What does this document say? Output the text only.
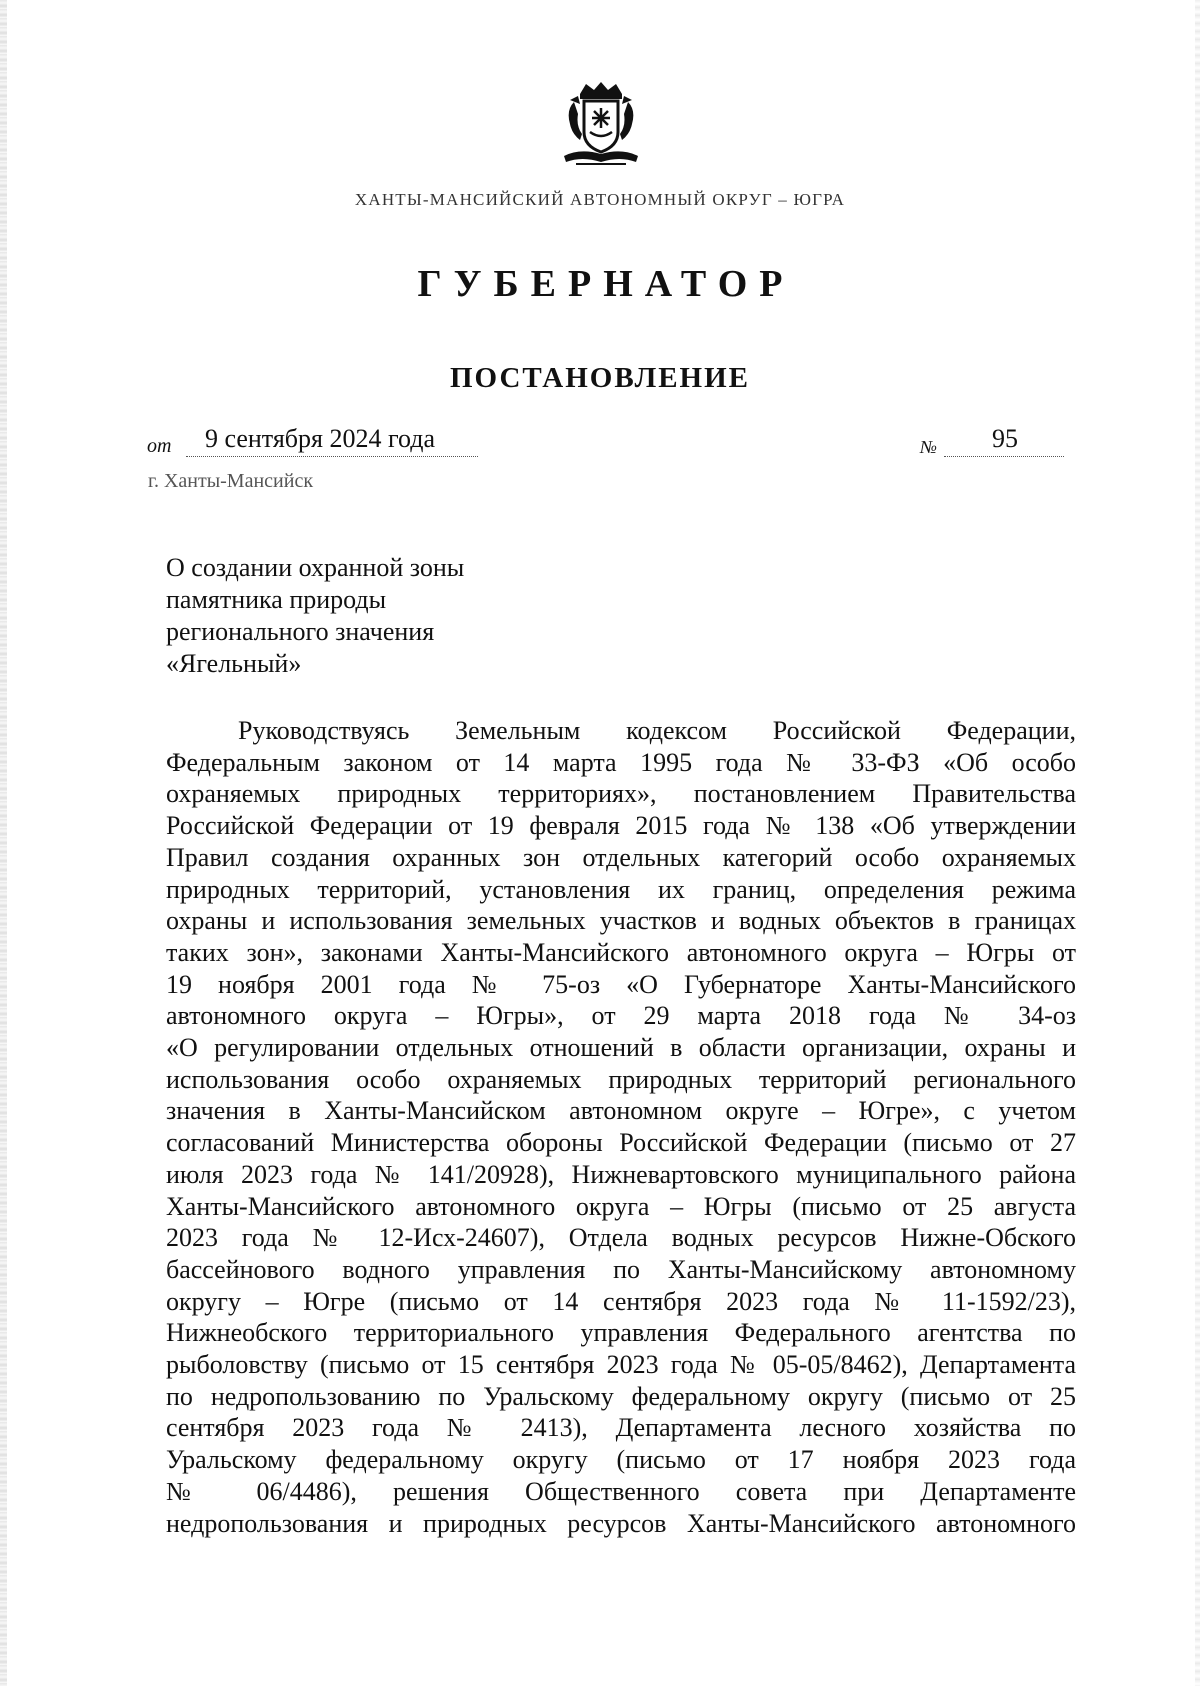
ХАНТЫ-МАНСИЙСКИЙ АВТОНОМНЫЙ ОКРУГ – ЮГРА
ГУБЕРНАТОР
ПОСТАНОВЛЕНИЕ
от 9 сентября 2024 года	№ 95
г. Ханты-Мансийск
О создании охранной зоны
памятника природы
регионального значения
«Ягельный»
Руководствуясь Земельным кодексом Российской Федерации,
Федеральным законом от 14 марта 1995 года № 33-ФЗ «Об особо
охраняемых природных территориях», постановлением Правительства
Российской Федерации от 19 февраля 2015 года № 138 «Об утверждении
Правил создания охранных зон отдельных категорий особо охраняемых
природных территорий, установления их границ, определения режима
охраны и использования земельных участков и водных объектов в границах
таких зон», законами Ханты-Мансийского автономного округа – Югры от
19 ноября 2001 года № 75-оз «О Губернаторе Ханты-Мансийского
автономного округа – Югры», от 29 марта 2018 года № 34-оз
«О регулировании отдельных отношений в области организации, охраны и
использования особо охраняемых природных территорий регионального
значения в Ханты-Мансийском автономном округе – Югре», с учетом
согласований Министерства обороны Российской Федерации (письмо от 27
июля 2023 года № 141/20928), Нижневартовского муниципального района
Ханты-Мансийского автономного округа – Югры (письмо от 25 августа
2023 года № 12-Исх-24607), Отдела водных ресурсов Нижне-Обского
бассейнового водного управления по Ханты-Мансийскому автономному
округу – Югре (письмо от 14 сентября 2023 года № 11-1592/23),
Нижнеобского территориального управления Федерального агентства по
рыболовству (письмо от 15 сентября 2023 года № 05-05/8462), Департамента
по недропользованию по Уральскому федеральному округу (письмо от 25
сентября 2023 года № 2413), Департамента лесного хозяйства по
Уральскому федеральному округу (письмо от 17 ноября 2023 года
№ 06/4486), решения Общественного совета при Департаменте
недропользования и природных ресурсов Ханты-Мансийского автономного
